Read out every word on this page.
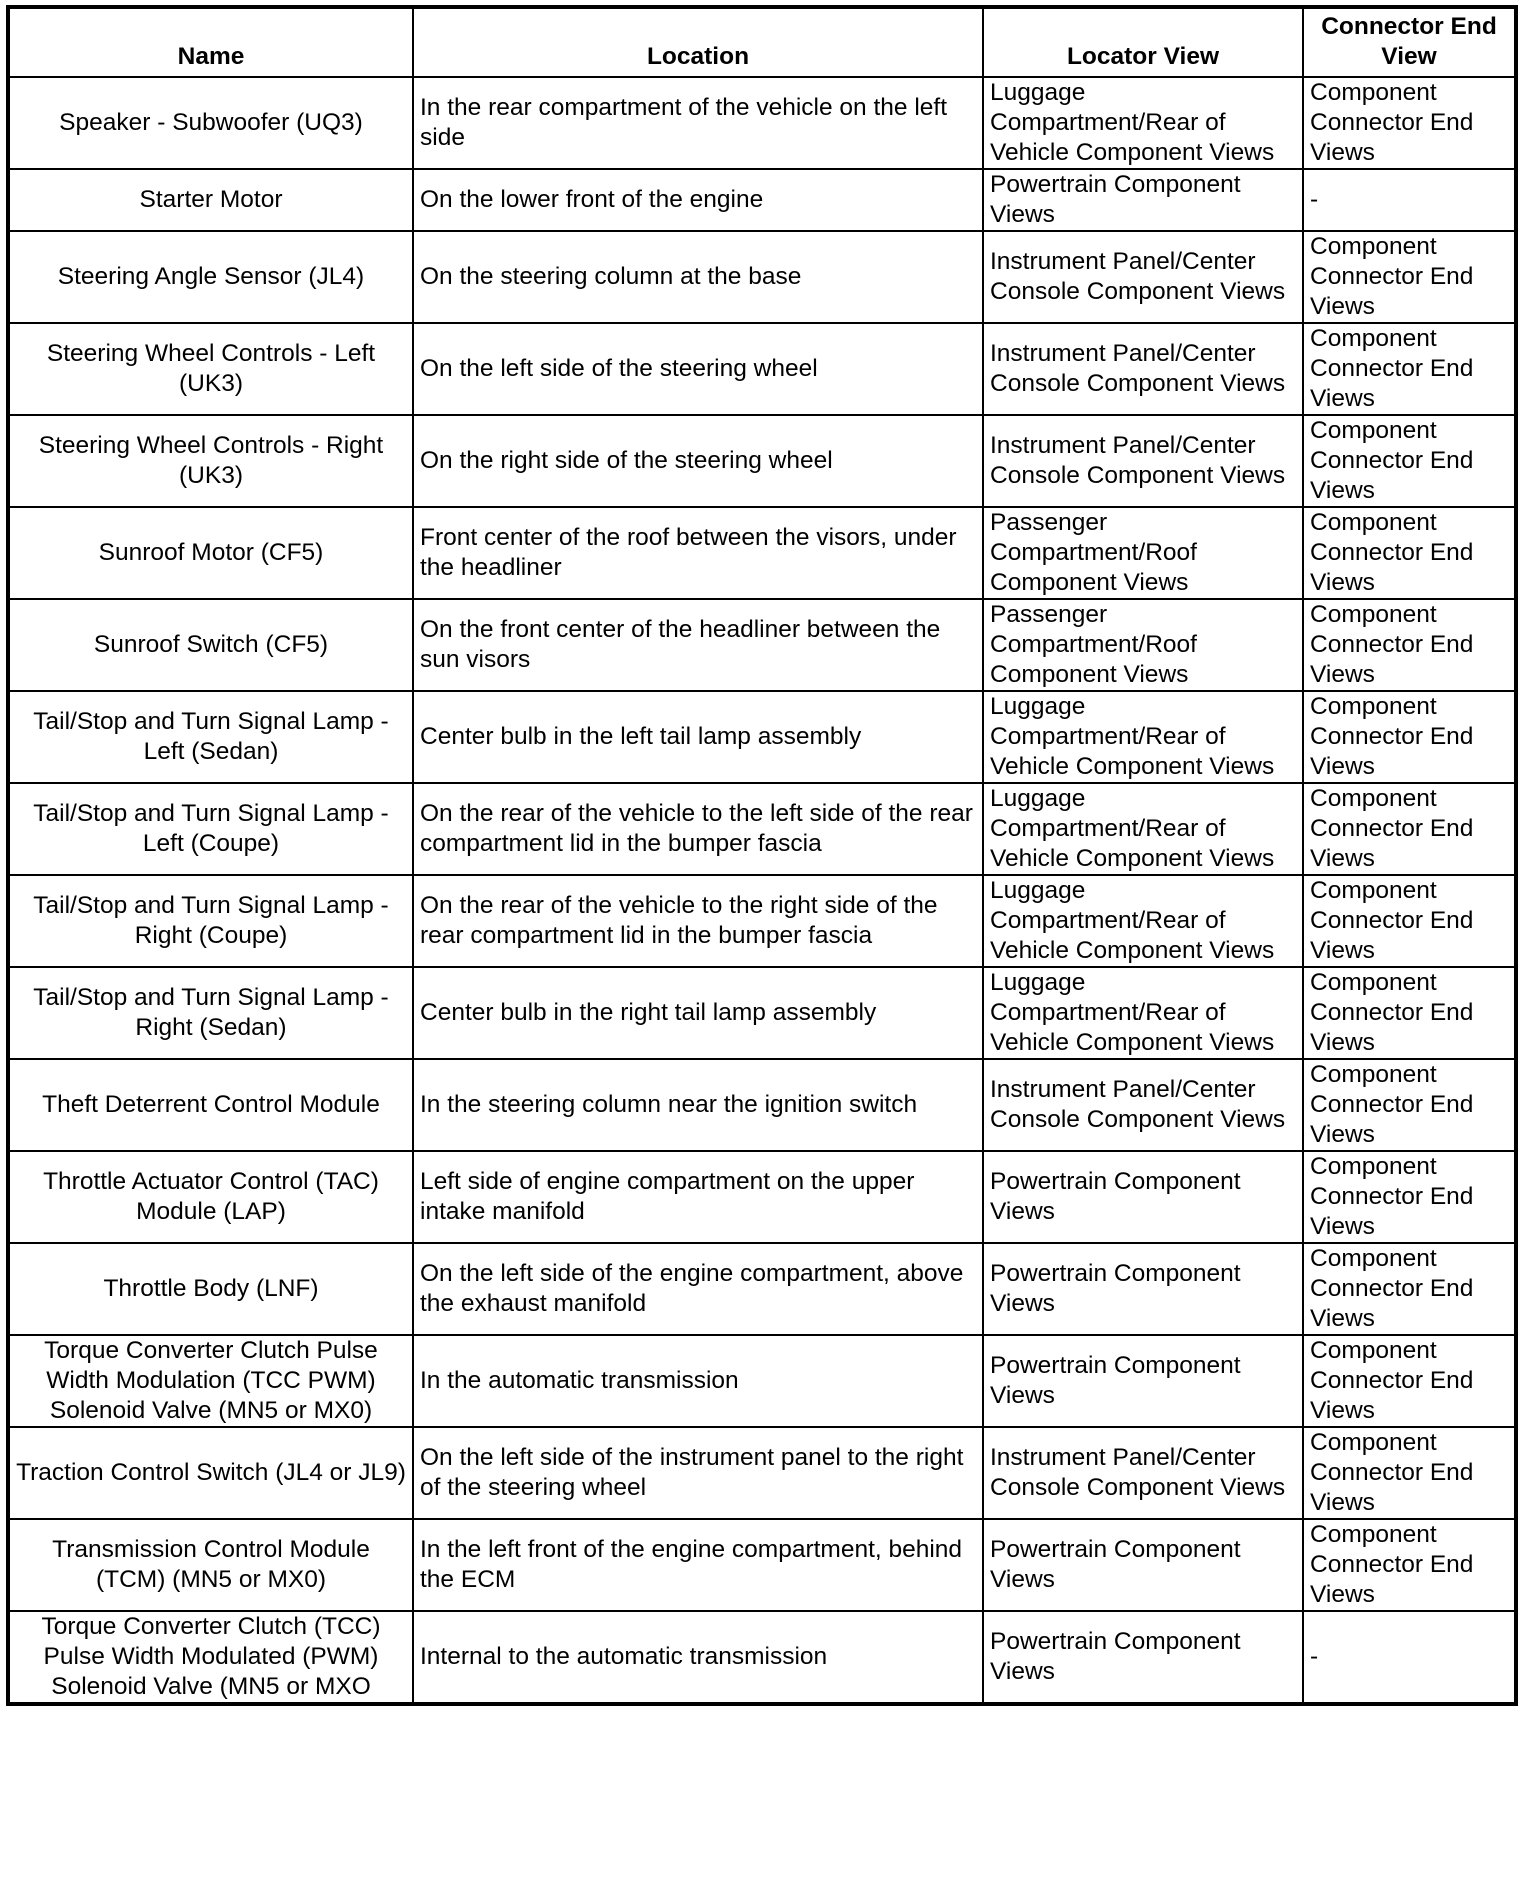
Name	Location	Locator View	Connector End View
Speaker - Subwoofer (UQ3)	In the rear compartment of the vehicle on the left side	Luggage Compartment/Rear of Vehicle Component Views	Component Connector End Views
Starter Motor	On the lower front of the engine	Powertrain Component Views	-
Steering Angle Sensor (JL4)	On the steering column at the base	Instrument Panel/Center Console Component Views	Component Connector End Views
Steering Wheel Controls - Left (UK3)	On the left side of the steering wheel	Instrument Panel/Center Console Component Views	Component Connector End Views
Steering Wheel Controls - Right (UK3)	On the right side of the steering wheel	Instrument Panel/Center Console Component Views	Component Connector End Views
Sunroof Motor (CF5)	Front center of the roof between the visors, under the headliner	Passenger Compartment/Roof Component Views	Component Connector End Views
Sunroof Switch (CF5)	On the front center of the headliner between the sun visors	Passenger Compartment/Roof Component Views	Component Connector End Views
Tail/Stop and Turn Signal Lamp - Left (Sedan)	Center bulb in the left tail lamp assembly	Luggage Compartment/Rear of Vehicle Component Views	Component Connector End Views
Tail/Stop and Turn Signal Lamp - Left (Coupe)	On the rear of the vehicle to the left side of the rear compartment lid in the bumper fascia	Luggage Compartment/Rear of Vehicle Component Views	Component Connector End Views
Tail/Stop and Turn Signal Lamp - Right (Coupe)	On the rear of the vehicle to the right side of the rear compartment lid in the bumper fascia	Luggage Compartment/Rear of Vehicle Component Views	Component Connector End Views
Tail/Stop and Turn Signal Lamp - Right (Sedan)	Center bulb in the right tail lamp assembly	Luggage Compartment/Rear of Vehicle Component Views	Component Connector End Views
Theft Deterrent Control Module	In the steering column near the ignition switch	Instrument Panel/Center Console Component Views	Component Connector End Views
Throttle Actuator Control (TAC) Module (LAP)	Left side of engine compartment on the upper intake manifold	Powertrain Component Views	Component Connector End Views
Throttle Body (LNF)	On the left side of the engine compartment, above the exhaust manifold	Powertrain Component Views	Component Connector End Views
Torque Converter Clutch Pulse Width Modulation (TCC PWM) Solenoid Valve (MN5 or MX0)	In the automatic transmission	Powertrain Component Views	Component Connector End Views
Traction Control Switch (JL4 or JL9)	On the left side of the instrument panel to the right of the steering wheel	Instrument Panel/Center Console Component Views	Component Connector End Views
Transmission Control Module (TCM) (MN5 or MX0)	In the left front of the engine compartment, behind the ECM	Powertrain Component Views	Component Connector End Views
Torque Converter Clutch (TCC) Pulse Width Modulated (PWM) Solenoid Valve (MN5 or MXO	Internal to the automatic transmission	Powertrain Component Views	-
